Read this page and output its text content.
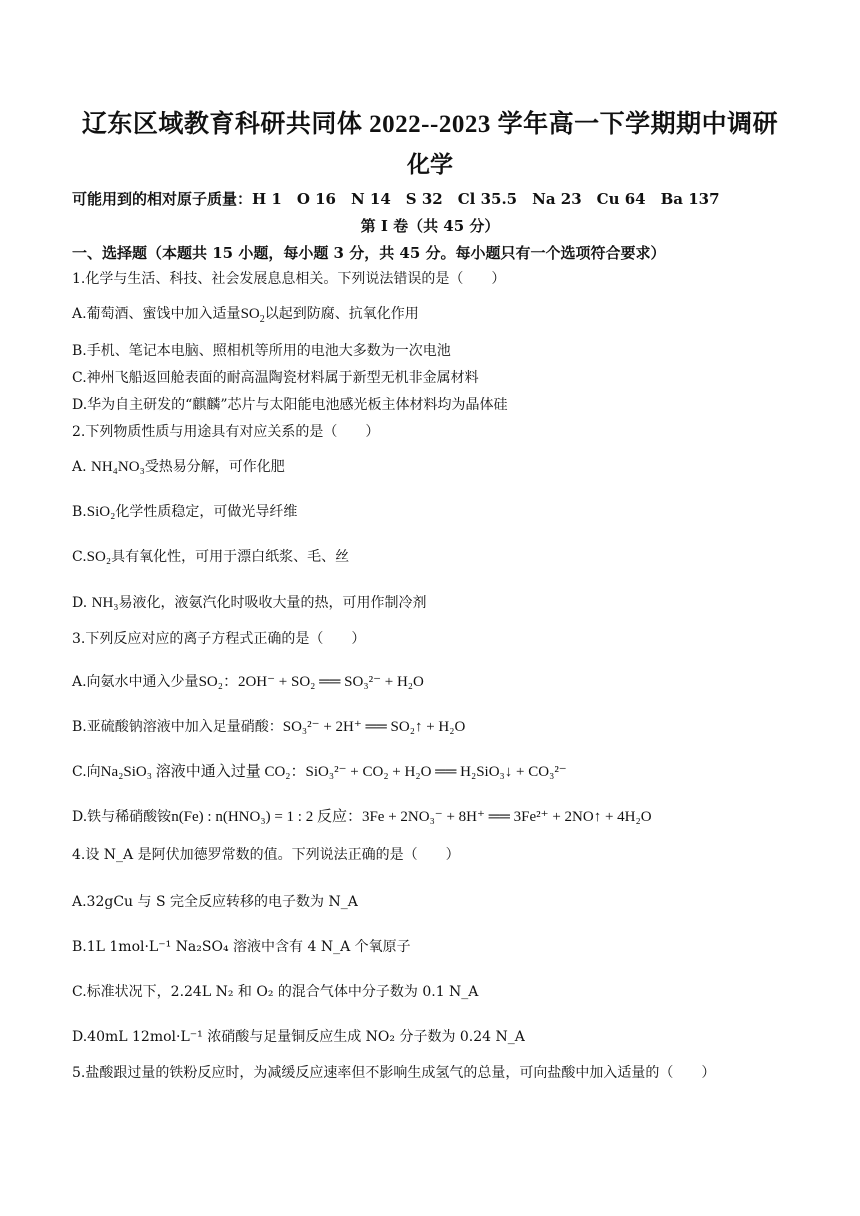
辽东区域教育科研共同体 2022--2023 学年高一下学期期中调研
化学
可能用到的相对原子质量：H 1　O 16　N 14　S 32　Cl 35.5　Na 23　Cu 64　Ba 137
第 I 卷（共 45 分）
一、选择题（本题共 15 小题，每小题 3 分，共 45 分。每小题只有一个选项符合要求）
1.化学与生活、科技、社会发展息息相关。下列说法错误的是（　　）
A.葡萄酒、蜜饯中加入适量$SO_2$以起到防腐、抗氧化作用
B.手机、笔记本电脑、照相机等所用的电池大多数为一次电池
C.神州飞船返回舱表面的耐高温陶瓷材料属于新型无机非金属材料
D.华为自主研发的“麒麟”芯片与太阳能电池感光板主体材料均为晶体硅
2.下列物质性质与用途具有对应关系的是（　　）
A. NH₄NO₃受热易分解，可作化肥
B.SiO₂化学性质稳定，可做光导纤维
C.SO₂具有氧化性，可用于漂白纸浆、毛、丝
D. NH₃易液化，液氨汽化时吸收大量的热，可用作制冷剂
3.下列反应对应的离子方程式正确的是（　　）
A.向氨水中通入少量SO₂：2OH⁻ + SO₂ ══ SO₃²⁻ + H₂O
B.亚硫酸钠溶液中加入足量硝酸：SO₃²⁻ + 2H⁺ ══ SO₂↑ + H₂O
C.向Na₂SiO₃ 溶液中通入过量 CO₂：SiO₃²⁻ + CO₂ + H₂O ══ H₂SiO₃↓ + CO₃²⁻
D.铁与稀硝酸铵n(Fe) : n(HNO₃) = 1 : 2 反应：3Fe + 2NO₃⁻ + 8H⁺ ══ 3Fe²⁺ + 2NO↑ + 4H₂O
4.设 N_A 是阿伏加德罗常数的值。下列说法正确的是（　　）
A.32gCu 与 S 完全反应转移的电子数为 N_A
B.1L 1mol·L⁻¹ Na₂SO₄ 溶液中含有 4 N_A 个氧原子
C.标准状况下，2.24L N₂ 和 O₂ 的混合气体中分子数为 0.1 N_A
D.40mL 12mol·L⁻¹ 浓硝酸与足量铜反应生成 NO₂ 分子数为 0.24 N_A
5.盐酸跟过量的铁粉反应时，为减缓反应速率但不影响生成氢气的总量，可向盐酸中加入适量的（　　）
